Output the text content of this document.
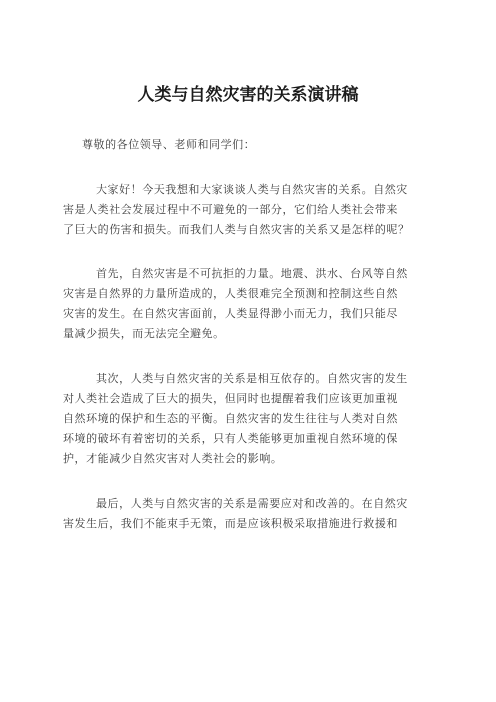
人类与自然灾害的关系演讲稿
尊敬的各位领导、老师和同学们：
大家好！今天我想和大家谈谈人类与自然灾害的关系。自然灾
害是人类社会发展过程中不可避免的一部分，它们给人类社会带来
了巨大的伤害和损失。而我们人类与自然灾害的关系又是怎样的呢？
首先，自然灾害是不可抗拒的力量。地震、洪水、台风等自然
灾害是自然界的力量所造成的，人类很难完全预测和控制这些自然
灾害的发生。在自然灾害面前，人类显得渺小而无力，我们只能尽
量减少损失，而无法完全避免。
其次，人类与自然灾害的关系是相互依存的。自然灾害的发生
对人类社会造成了巨大的损失，但同时也提醒着我们应该更加重视
自然环境的保护和生态的平衡。自然灾害的发生往往与人类对自然
环境的破坏有着密切的关系，只有人类能够更加重视自然环境的保
护，才能减少自然灾害对人类社会的影响。
最后，人类与自然灾害的关系是需要应对和改善的。在自然灾
害发生后，我们不能束手无策，而是应该积极采取措施进行救援和
